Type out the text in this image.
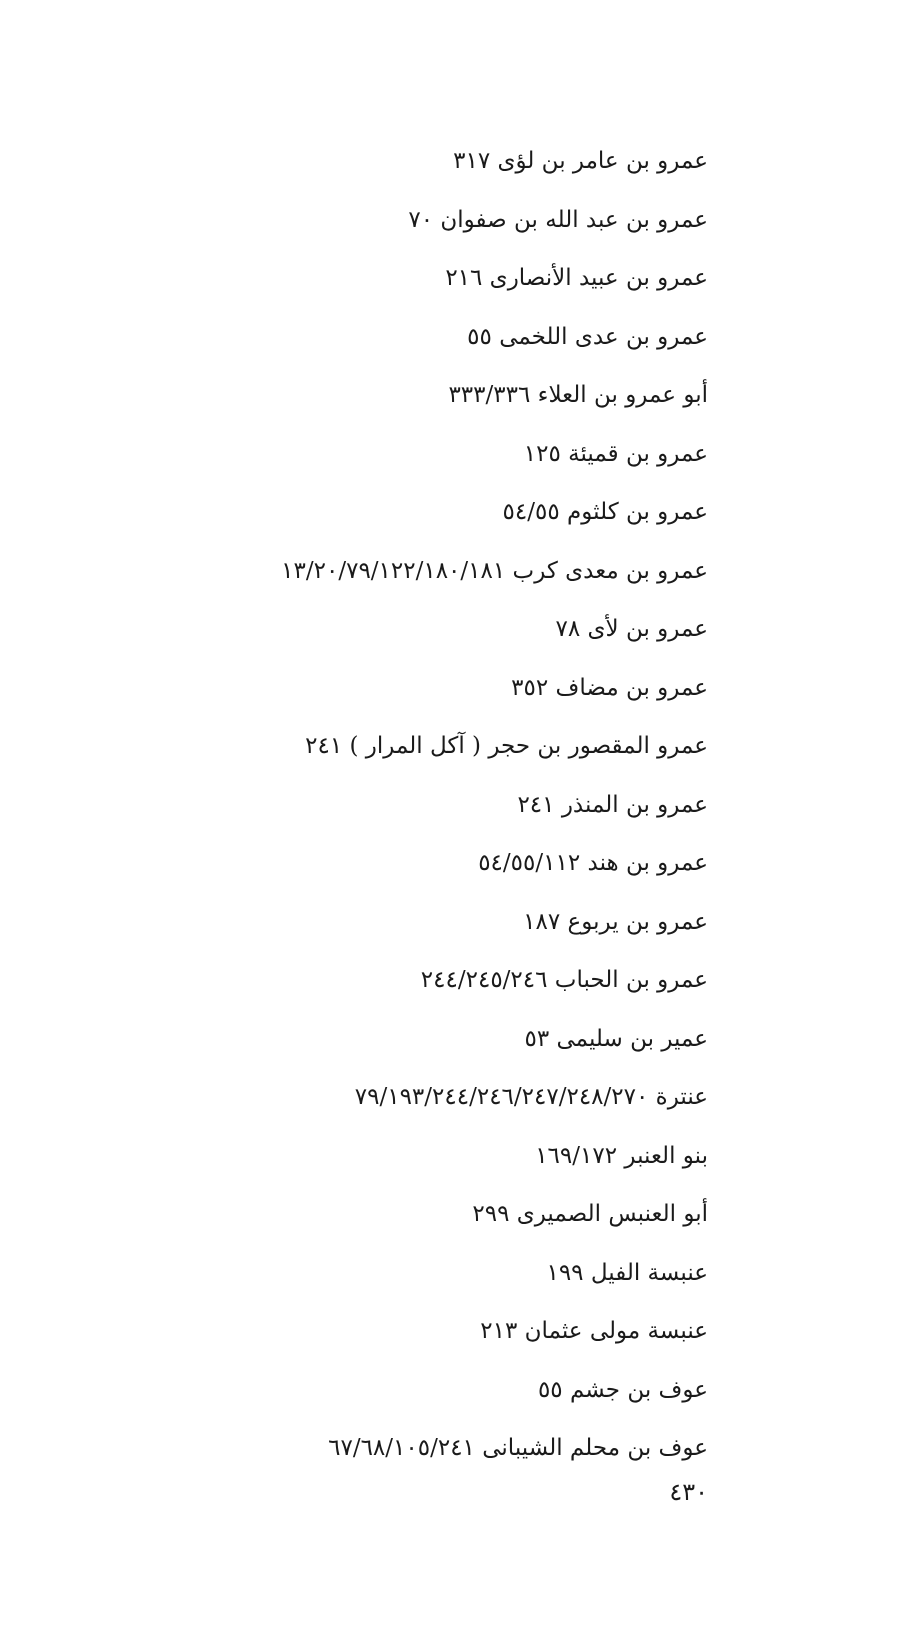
عمرو بن عامر بن لؤى ٣١٧
عمرو بن عبد الله بن صفوان ٧٠
عمرو بن عبيد الأنصارى ٢١٦
عمرو بن عدى اللخمى ٥٥
أبو عمرو بن العلاء ٣٣٣/٣٣٦
عمرو بن قميئة ١٢٥
عمرو بن كلثوم ٥٤/٥٥
عمرو بن معدى كرب ١٣/٢٠/٧٩/١٢٢/١٨٠/١٨١
عمرو بن لأى ٧٨
عمرو بن مضاف ٣٥٢
عمرو المقصور بن حجر ( آكل المرار ) ٢٤١
عمرو بن المنذر ٢٤١
عمرو بن هند ٥٤/٥٥/١١٢
عمرو بن يربوع ١٨٧
عمرو بن الحباب ٢٤٤/٢٤٥/٢٤٦
عمير بن سليمى ٥٣
عنترة ٧٩/١٩٣/٢٤٤/٢٤٦/٢٤٧/٢٤٨/٢٧٠
بنو العنبر ١٦٩/١٧٢
أبو العنبس الصميرى ٢٩٩
عنبسة الفيل ١٩٩
عنبسة مولى عثمان ٢١٣
عوف بن جشم ٥٥
عوف بن محلم الشيبانى ٦٧/٦٨/١٠٥/٢٤١
٤٣٠
